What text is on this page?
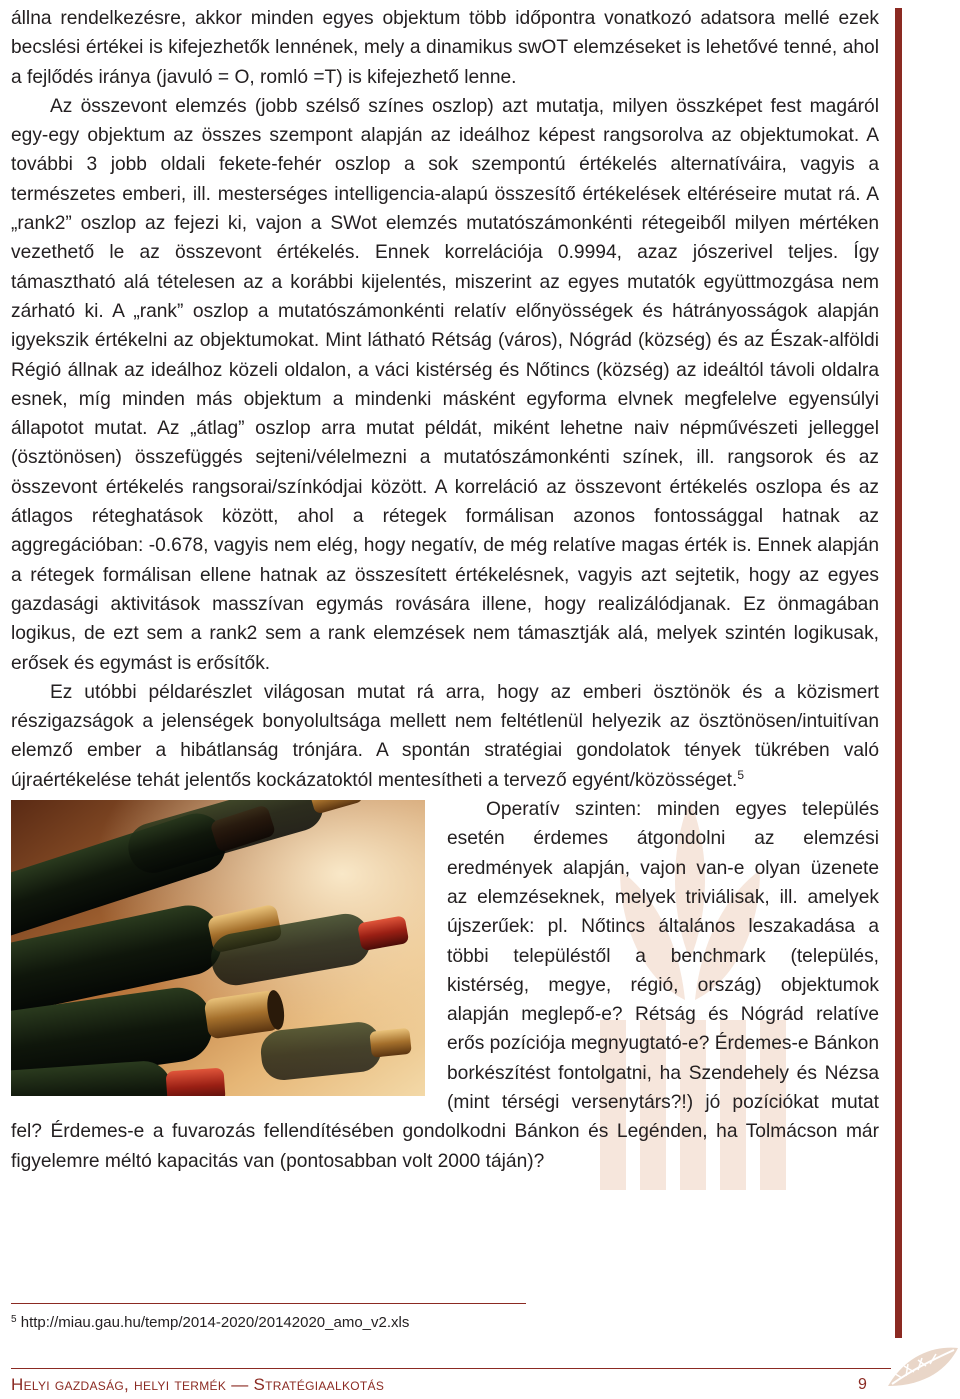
állna rendelkezésre, akkor minden egyes objektum több időpontra vonatkozó adatsora mellé ezek becslési értékei is kifejezhetők lennének, mely a dinamikus swOT elemzéseket is lehetővé tenné, ahol a fejlődés iránya (javuló = O, romló =T) is kifejezhető lenne.

Az összevont elemzés (jobb szélső színes oszlop) azt mutatja, milyen összképet fest magáról egy-egy objektum az összes szempont alapján az ideálhoz képest rangsorolva az objektumokat. A további 3 jobb oldali fekete-fehér oszlop a sok szempontú értékelés alternatíváira, vagyis a természetes emberi, ill. mesterséges intelligencia-alapú összesítő értékelések eltéréseire mutat rá. A „rank2” oszlop az fejezi ki, vajon a SWot elemzés mutatószámonkénti rétegeiből milyen mértéken vezethető le az összevont értékelés. Ennek korrelációja 0.9994, azaz jószerivel teljes. Így támasztható alá tételesen az a korábbi kijelentés, miszerint az egyes mutatók együttmozgása nem zárható ki. A „rank” oszlop a mutatószámonkénti relatív előnyösségek és hátrányosságok alapján igyekszik értékelni az objektumokat. Mint látható Rétság (város), Nógrád (község) és az Észak-alföldi Régió állnak az ideálhoz közeli oldalon, a váci kistérség és Nőtincs (község) az ideáltól távoli oldalra esnek, míg minden más objektum a mindenki másként egyforma elvnek megfelelve egyensúlyi állapotot mutat. Az „átlag” oszlop arra mutat példát, miként lehetne naiv népművészeti jelleggel (ösztönösen) összefüggés sejteni/vélelmezni a mutatószámonkénti színek, ill. rangsorok és az összevont értékelés rangsorai/színkódjai között. A korreláció az összevont értékelés oszlopa és az átlagos réteghatások között, ahol a rétegek formálisan azonos fontossággal hatnak az aggregációban: -0.678, vagyis nem elég, hogy negatív, de még relatíve magas érték is. Ennek alapján a rétegek formálisan ellene hatnak az összesített értékelésnek, vagyis azt sejtetik, hogy az egyes gazdasági aktivitások masszívan egymás rovására illene, hogy realizálódjanak. Ez önmagában logikus, de ezt sem a rank2 sem a rank elemzések nem támasztják alá, melyek szintén logikusak, erősek és egymást is erősítők.

Ez utóbbi példarészlet világosan mutat rá arra, hogy az emberi ösztönök és a közismert részigazságok a jelenségek bonyolultsága mellett nem feltétlenül helyezik az ösztönösen/intuitívan elemző ember a hibátlanság trónjára. A spontán stratégiai gondolatok tények tükrében való újraértékelése tehát jelentős kockázatoktól mentesítheti a tervező egyént/közösséget.$^5$

Operatív szinten: minden egyes település esetén érdemes átgondolni az elemzési eredmények alapján, vajon van-e olyan üzenete az elemzéseknek, melyek triviálisak, ill. amelyek újszerűek: pl. Nőtincs általános leszakadása a többi településtől a benchmark (település, kistérség, megye, régió, ország) objektumok alapján meglepő-e? Rétság és Nógrád relatíve erős pozíciója megnyugtató-e? Érdemes-e Bánkon borkészítést fontolgatni, ha Szendehely és Nézsa (mint térségi versenytárs?!) jó pozíciókat mutat fel? Érdemes-e a fuvarozás fellendítésében gondolkodni Bánkon és Legénden, ha Tolmácson már figyelemre méltó kapacitás van (pontosabban volt 2000 táján)?

$^5$ http://miau.gau.hu/temp/2014-2020/20142020_amo_v2.xls
Helyi gazdaság, helyi termék — Stratégiaalkotás	9
